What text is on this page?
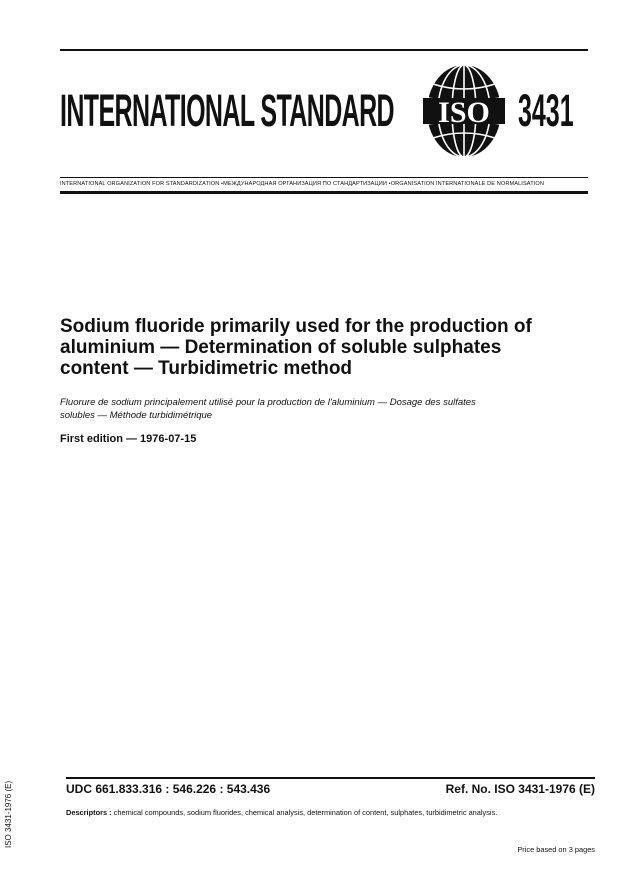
INTERNATIONAL STANDARD ISO 3431
INTERNATIONAL ORGANIZATION FOR STANDARDIZATION •МЕЖДУНАРОДНАЯ ОРГАНИЗАЦИЯ ПО СТАНДАРТИЗАЦИИ •ORGANISATION INTERNATIONALE DE NORMALISATION
Sodium fluoride primarily used for the production of aluminium — Determination of soluble sulphates content — Turbidimetric method
Fluorure de sodium principalement utilisé pour la production de l'aluminium — Dosage des sulfates solubles — Méthode turbidimétrique
First edition — 1976-07-15
UDC 661.833.316 : 546.226 : 543.436	Ref. No. ISO 3431-1976 (E)
Descriptors : chemical compounds, sodium fluorides, chemical analysis, determination of content, sulphates, turbidimetric analysis.
Price based on 3 pages
ISO 3431-1976 (E)
